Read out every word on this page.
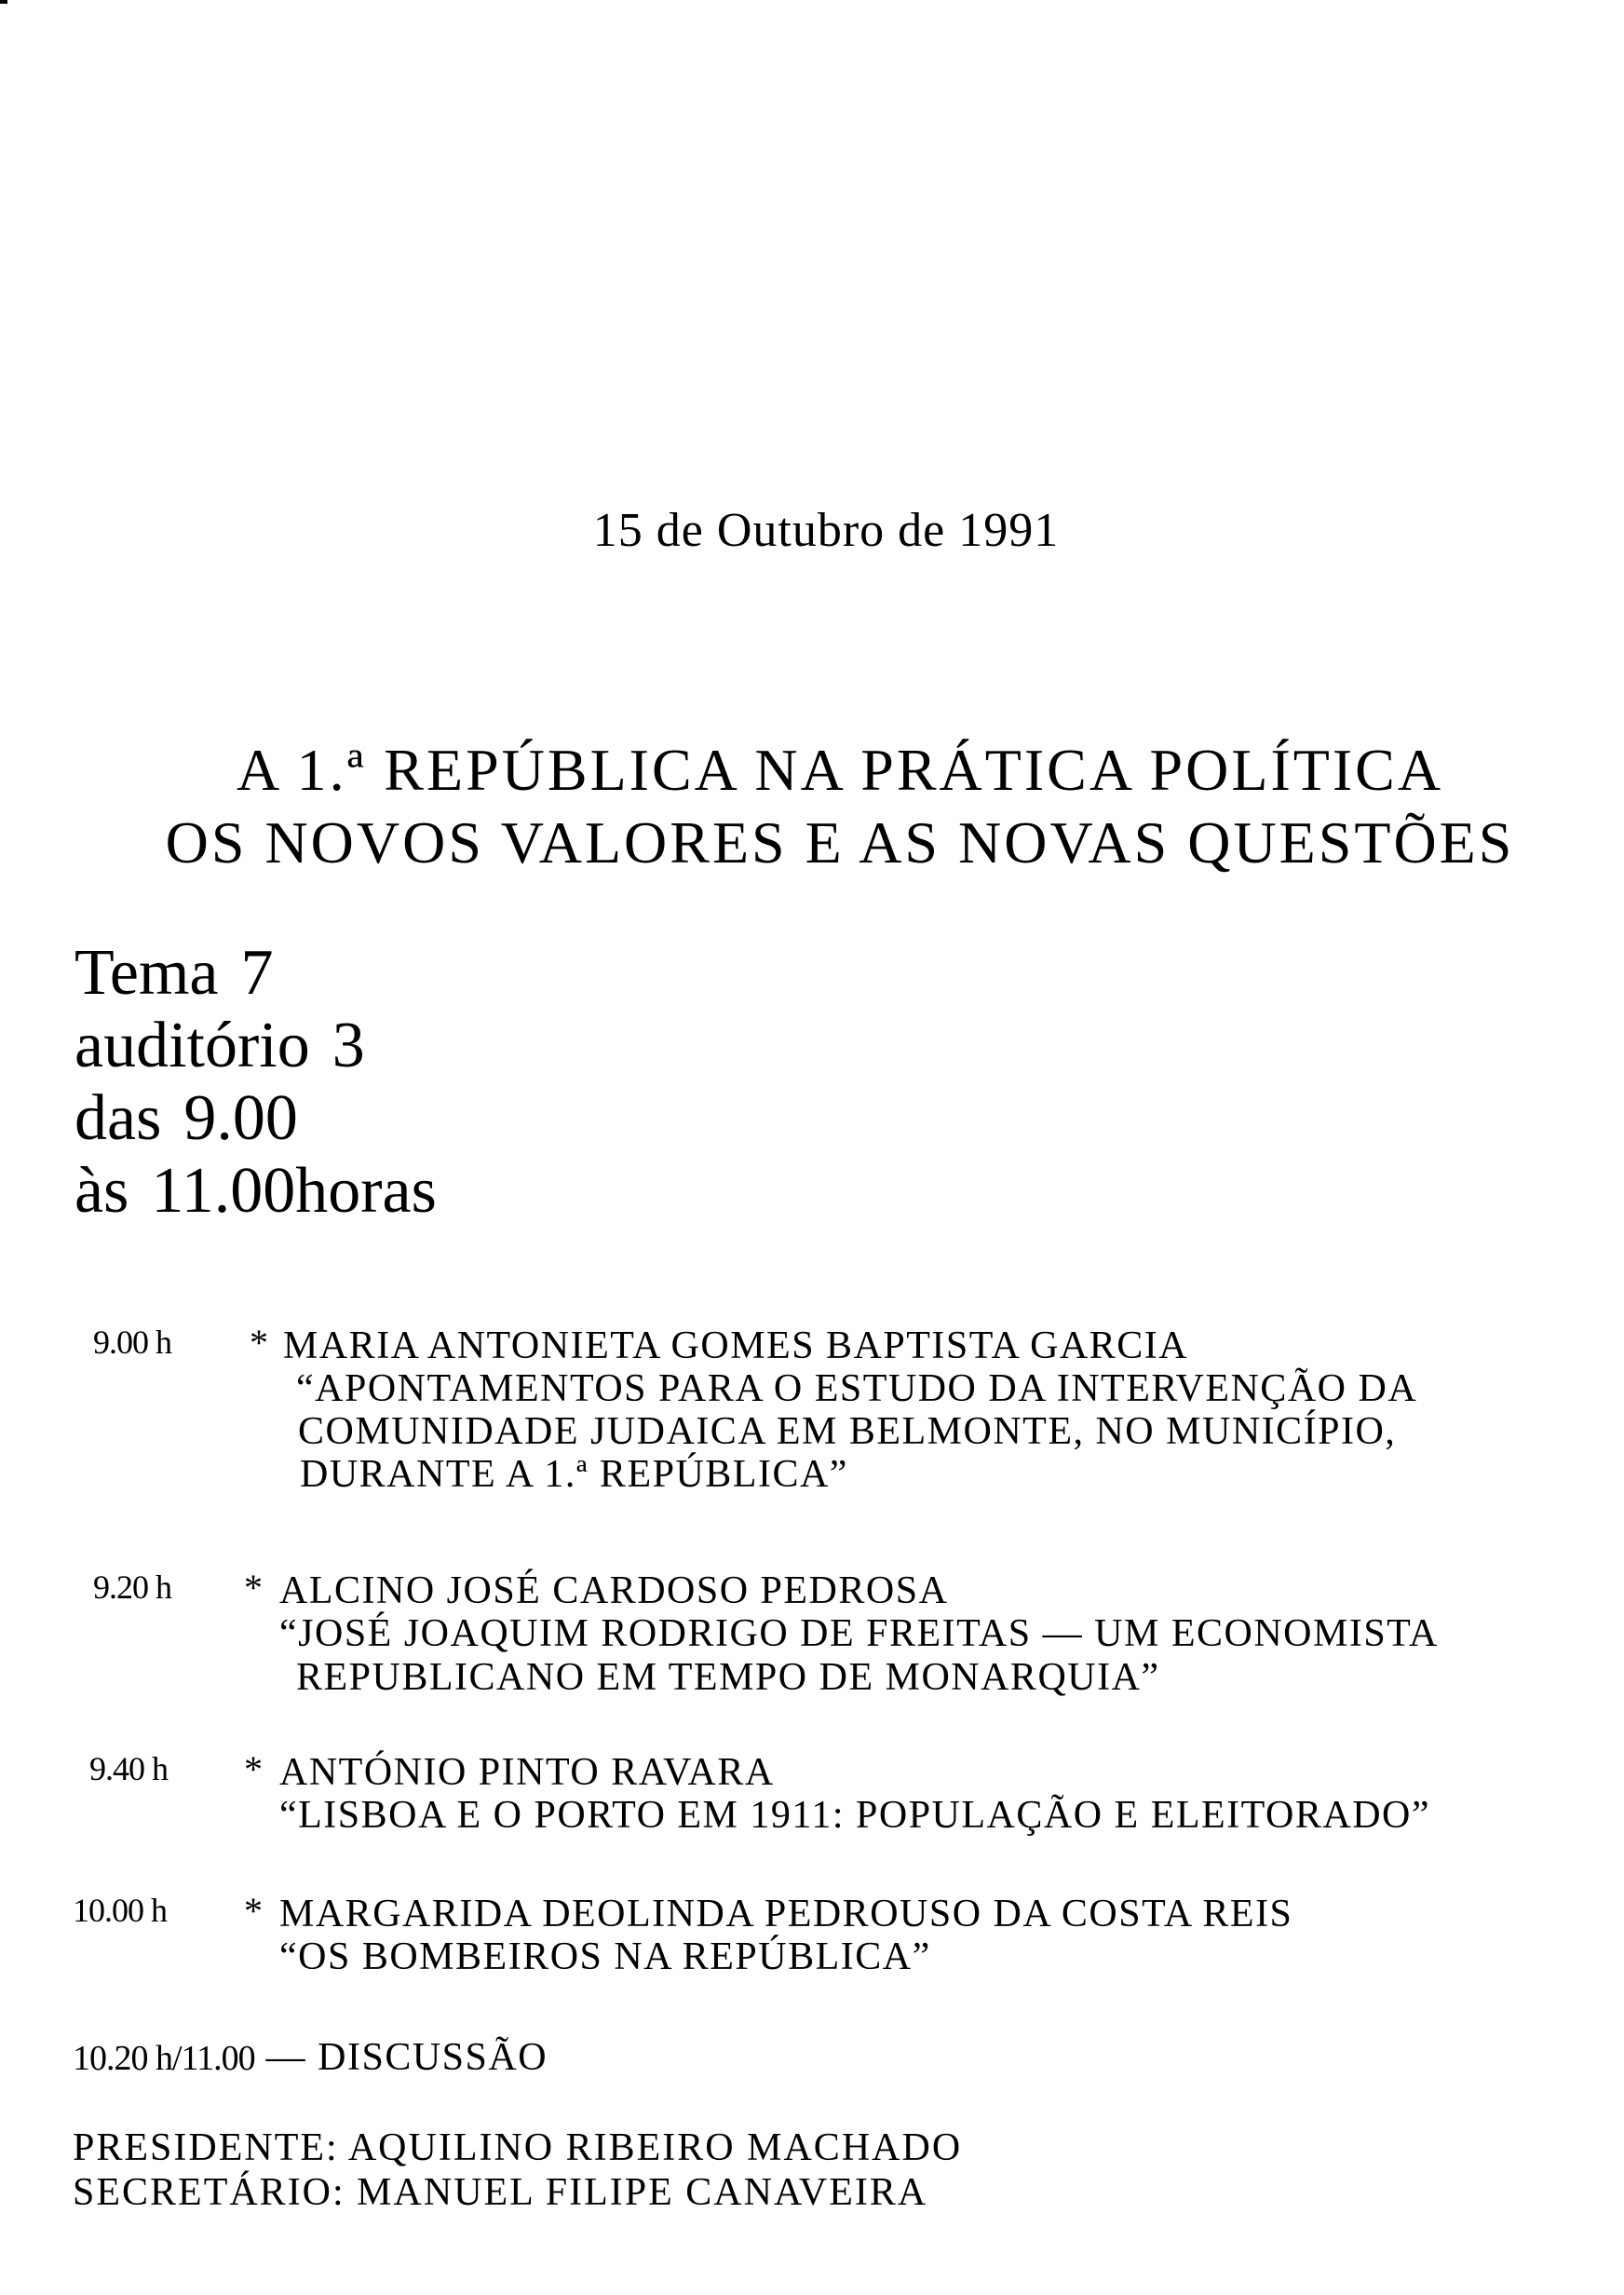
15 de Outubro de 1991
A 1.ª REPÚBLICA NA PRÁTICA POLÍTICA
OS NOVOS VALORES E AS NOVAS QUESTÕES
Tema 7
auditório 3
das 9.00
às 11.00horas
9.00 h * MARIA ANTONIETA GOMES BAPTISTA GARCIA
“APONTAMENTOS PARA O ESTUDO DA INTERVENÇÃO DA
COMUNIDADE JUDAICA EM BELMONTE, NO MUNICÍPIO,
DURANTE A 1.ª REPÚBLICA”
9.20 h * ALCINO JOSÉ CARDOSO PEDROSA
“JOSÉ JOAQUIM RODRIGO DE FREITAS — UM ECONOMISTA
REPUBLICANO EM TEMPO DE MONARQUIA”
9.40 h * ANTÓNIO PINTO RAVARA
“LISBOA E O PORTO EM 1911: POPULAÇÃO E ELEITORADO”
10.00 h * MARGARIDA DEOLINDA PEDROUSO DA COSTA REIS
“OS BOMBEIROS NA REPÚBLICA”
10.20 h/11.00 — DISCUSSÃO
PRESIDENTE: AQUILINO RIBEIRO MACHADO
SECRETÁRIO: MANUEL FILIPE CANAVEIRA
